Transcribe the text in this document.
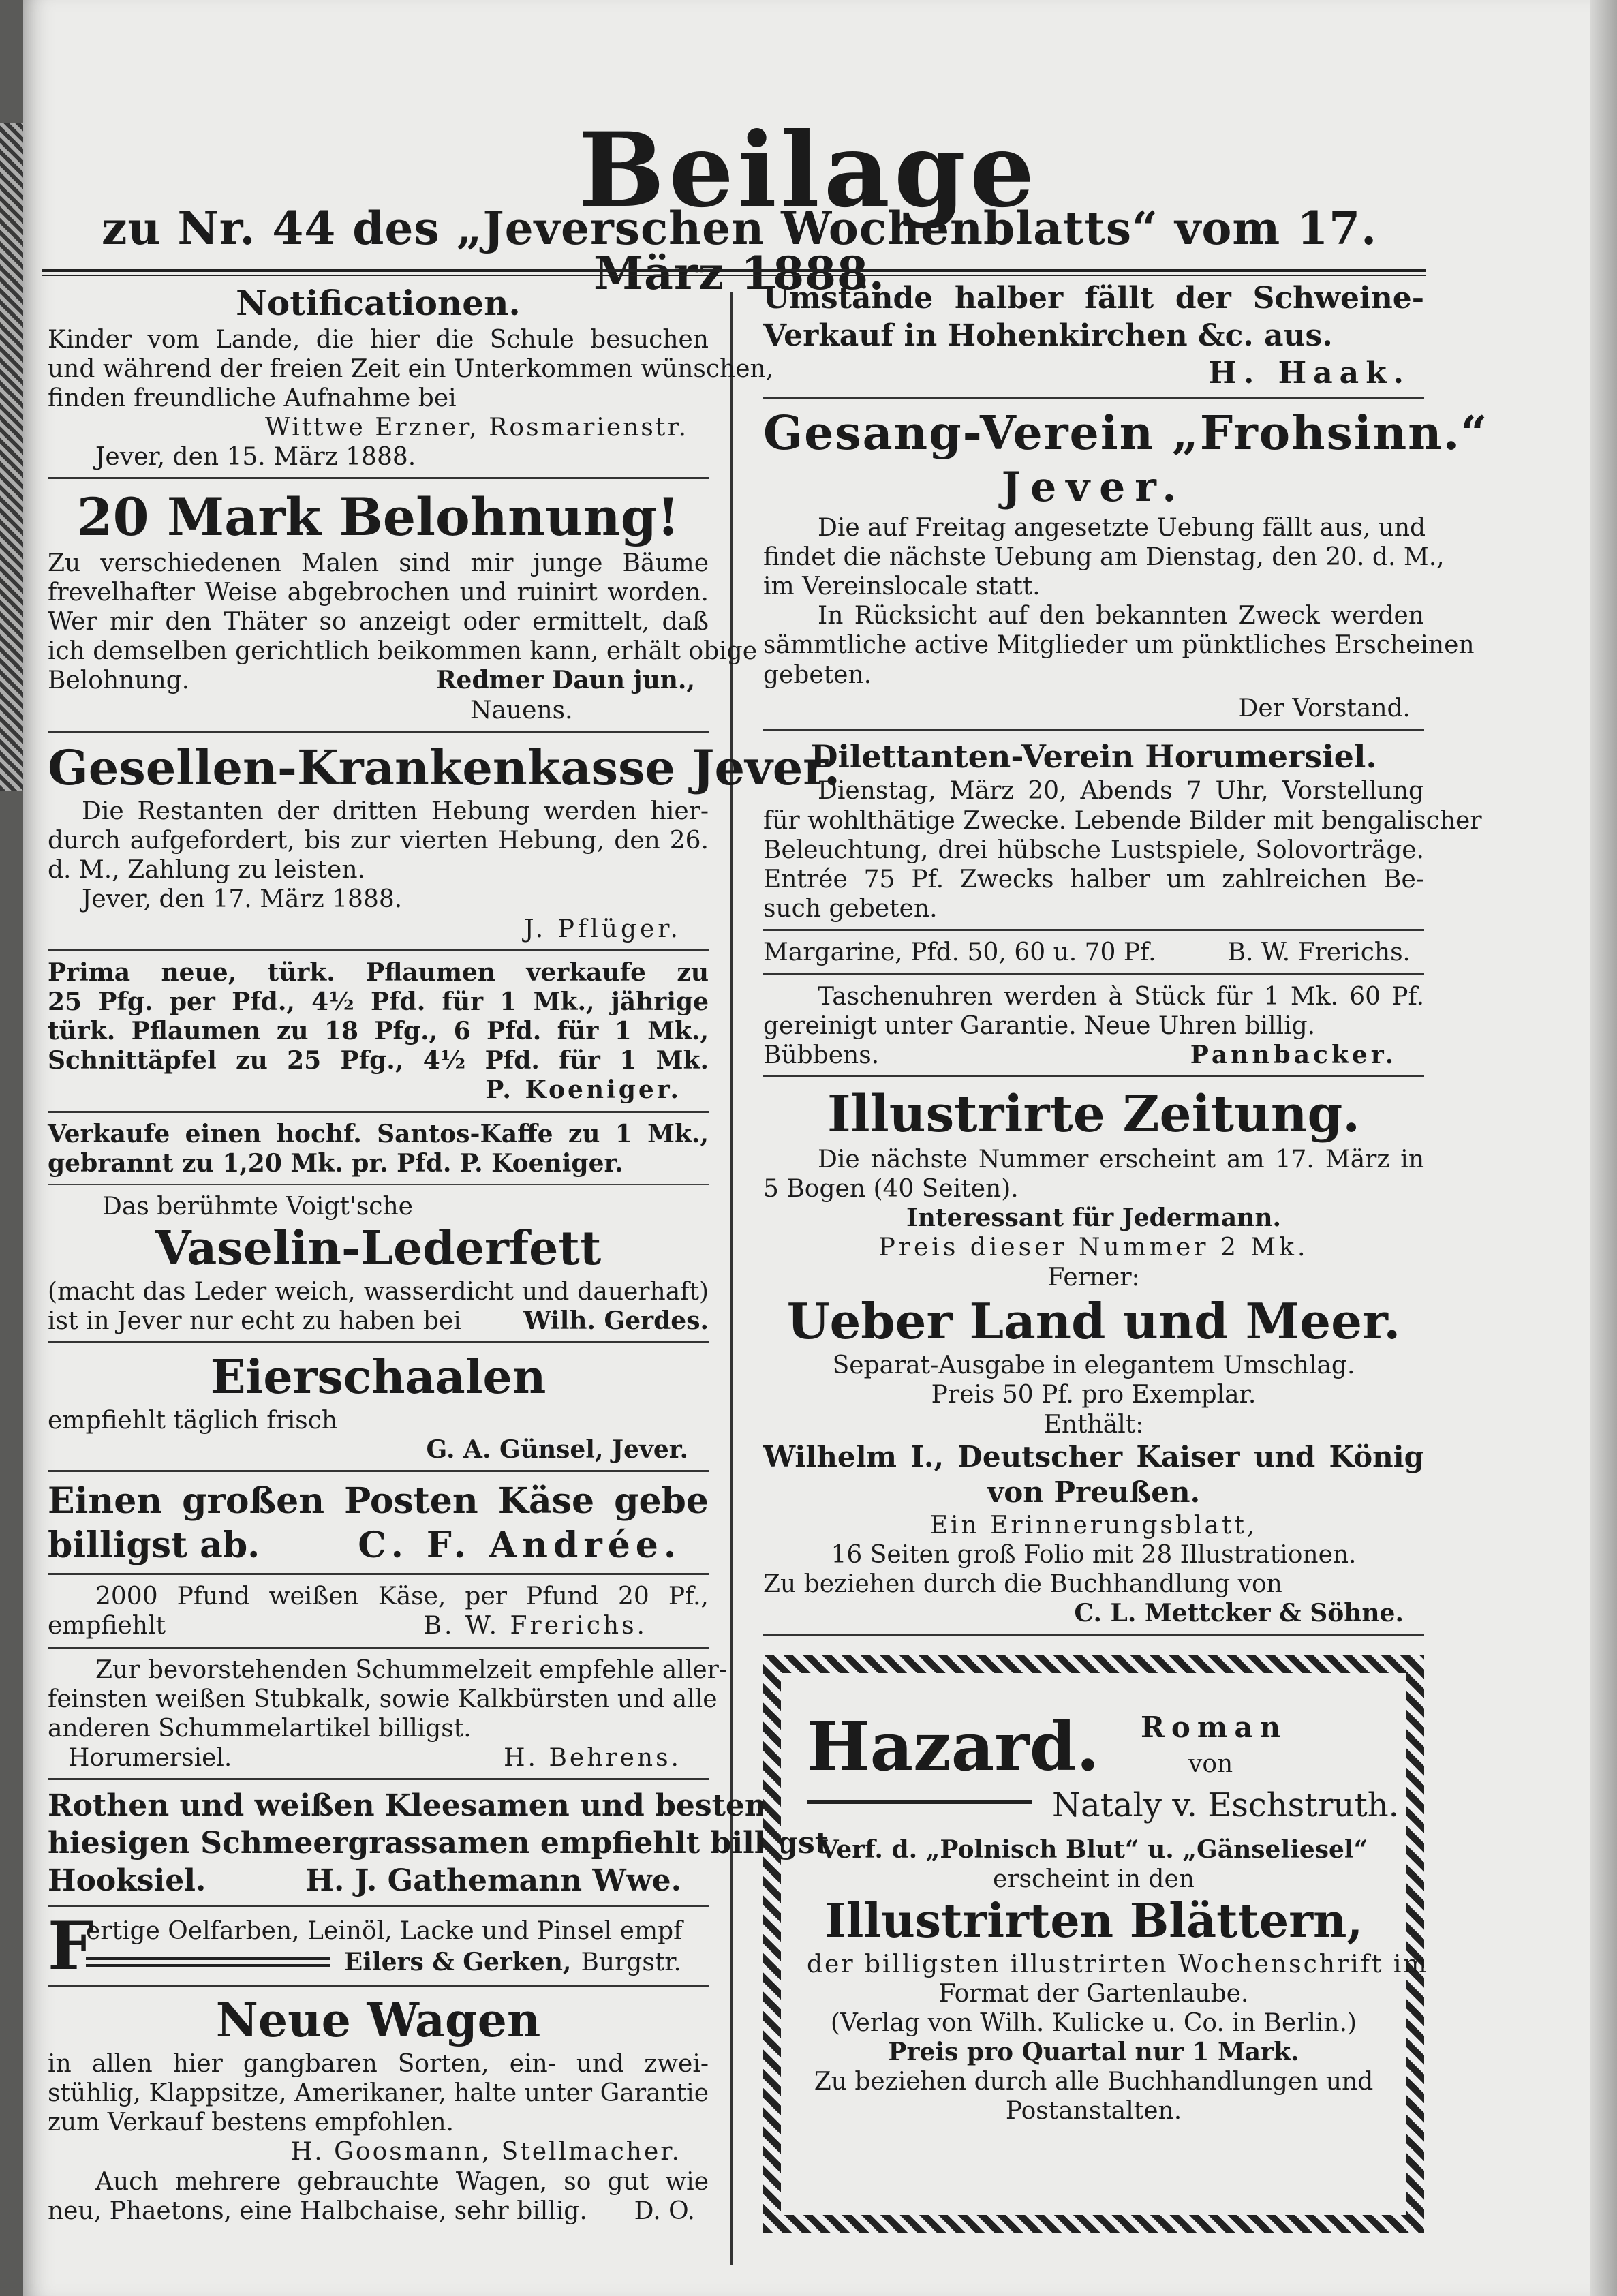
Beilage
zu Nr. 44 des „Jeverschen Wochenblatts“ vom 17. März 1888.
Notificationen.
Kinder vom Lande, die hier die Schule besuchen
und während der freien Zeit ein Unterkommen wünschen,
finden freundliche Aufnahme bei
Wittwe Erzner, Rosmarienstr.
Jever, den 15. März 1888.
20 Mark Belohnung!
Zu verschiedenen Malen sind mir junge Bäume
frevelhafter Weise abgebrochen und ruinirt worden.
Wer mir den Thäter so anzeigt oder ermittelt, daß
ich demselben gerichtlich beikommen kann, erhält obige
Belohnung.	Redmer Daun jun.,
Nauens.
Gesellen-Krankenkasse Jever.
Die Restanten der dritten Hebung werden hier-
durch aufgefordert, bis zur vierten Hebung, den 26.
d. M., Zahlung zu leisten.
Jever, den 17. März 1888.
J. Pflüger.
Prima neue, türk. Pflaumen verkaufe zu
25 Pfg. per Pfd., 4½ Pfd. für 1 Mk., jährige
türk. Pflaumen zu 18 Pfg., 6 Pfd. für 1 Mk.,
Schnittäpfel zu 25 Pfg., 4½ Pfd. für 1 Mk.
P. Koeniger.
Verkaufe einen hochf. Santos-Kaffe zu 1 Mk.,
gebrannt zu 1,20 Mk. pr. Pfd. P. Koeniger.
Das berühmte Voigt'sche
Vaselin-Lederfett
(macht das Leder weich, wasserdicht und dauerhaft)
ist in Jever nur echt zu haben bei	Wilh. Gerdes.
Eierschaalen
empfiehlt täglich frisch
G. A. Günsel, Jever.
Einen großen Posten Käse gebe
billigst ab.	C. F. Andrée.
2000 Pfund weißen Käse, per Pfund 20 Pf.,
empfiehlt	B. W. Frerichs.
Zur bevorstehenden Schummelzeit empfehle aller-
feinsten weißen Stubkalk, sowie Kalkbürsten und alle
anderen Schummelartikel billigst.
Horumersiel.	H. Behrens.
Rothen und weißen Kleesamen und besten
hiesigen Schmeergrassamen empfiehlt billigst
Hooksiel.	H. J. Gathemann Wwe.
F
ertige Oelfarben, Leinöl, Lacke und Pinsel empf
Eilers & Gerken, Burgstr.
Neue Wagen
in allen hier gangbaren Sorten, ein- und zwei-
stühlig, Klappsitze, Amerikaner, halte unter Garantie
zum Verkauf bestens empfohlen.
H. Goosmann, Stellmacher.
Auch mehrere gebrauchte Wagen, so gut wie
neu, Phaetons, eine Halbchaise, sehr billig. D. O.
Umstände halber fällt der Schweine-
Verkauf in Hohenkirchen &c. aus.
H. Haak.
Gesang-Verein „Frohsinn.“
Jever.
Die auf Freitag angesetzte Uebung fällt aus, und
findet die nächste Uebung am Dienstag, den 20. d. M.,
im Vereinslocale statt.
In Rücksicht auf den bekannten Zweck werden
sämmtliche active Mitglieder um pünktliches Erscheinen
gebeten.
Der Vorstand.
Dilettanten-Verein Horumersiel.
Dienstag, März 20, Abends 7 Uhr, Vorstellung
für wohlthätige Zwecke. Lebende Bilder mit bengalischer
Beleuchtung, drei hübsche Lustspiele, Solovorträge.
Entrée 75 Pf. Zwecks halber um zahlreichen Be-
such gebeten.
Margarine, Pfd. 50, 60 u. 70 Pf.	B. W. Frerichs.
Taschenuhren werden à Stück für 1 Mk. 60 Pf.
gereinigt unter Garantie. Neue Uhren billig.
Bübbens.	Pannbacker.
Illustrirte Zeitung.
Die nächste Nummer erscheint am 17. März in
5 Bogen (40 Seiten).
Interessant für Jedermann.
Preis dieser Nummer 2 Mk.
Ferner:
Ueber Land und Meer.
Separat-Ausgabe in elegantem Umschlag.
Preis 50 Pf. pro Exemplar.
Enthält:
Wilhelm I., Deutscher Kaiser und König
von Preußen.
Ein Erinnerungsblatt,
16 Seiten groß Folio mit 28 Illustrationen.
Zu beziehen durch die Buchhandlung von
C. L. Mettcker & Söhne.
Hazard. Roman
von
Nataly v. Eschstruth.
Verf. d. „Polnisch Blut“ u. „Gänseliesel“
erscheint in den
Illustrirten Blättern,
der billigsten illustrirten Wochenschrift im
Format der Gartenlaube.
(Verlag von Wilh. Kulicke u. Co. in Berlin.)
Preis pro Quartal nur 1 Mark.
Zu beziehen durch alle Buchhandlungen und
Postanstalten.
